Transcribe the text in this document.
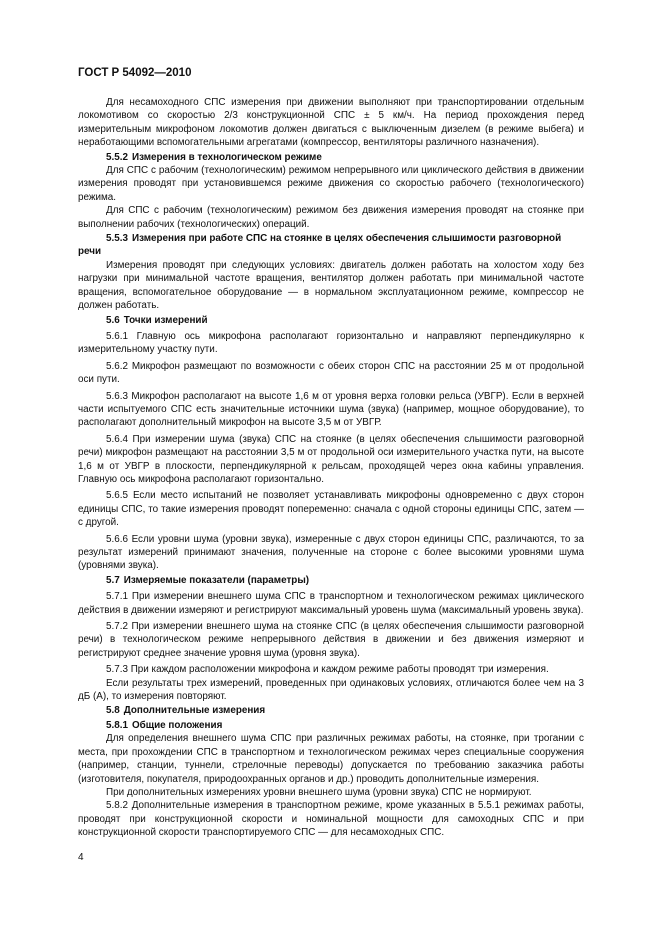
ГОСТ Р 54092—2010

Для несамоходного СПС измерения при движении выполняют при транспортировании отдельным локомотивом со скоростью 2/3 конструкционной СПС ± 5 км/ч. На период прохождения перед измерительным микрофоном локомотив должен двигаться с выключенным дизелем (в режиме выбега) и неработающими вспомогательными агрегатами (компрессор, вентиляторы различного назначения).

5.5.2 Измерения в технологическом режиме

Для СПС с рабочим (технологическим) режимом непрерывного или циклического действия в движении измерения проводят при установившемся режиме движения со скоростью рабочего (технологического) режима.

Для СПС с рабочим (технологическим) режимом без движения измерения проводят на стоянке при выполнении рабочих (технологических) операций.

5.5.3 Измерения при работе СПС на стоянке в целях обеспечения слышимости разговорной речи

Измерения проводят при следующих условиях: двигатель должен работать на холостом ходу без нагрузки при минимальной частоте вращения, вентилятор должен работать при минимальной частоте вращения, вспомогательное оборудование — в нормальном эксплуатационном режиме, компрессор не должен работать.

5.6 Точки измерений

5.6.1 Главную ось микрофона располагают горизонтально и направляют перпендикулярно к измерительному участку пути.

5.6.2 Микрофон размещают по возможности с обеих сторон СПС на расстоянии 25 м от продольной оси пути.

5.6.3 Микрофон располагают на высоте 1,6 м от уровня верха головки рельса (УВГР). Если в верхней части испытуемого СПС есть значительные источники шума (звука) (например, мощное оборудование), то располагают дополнительный микрофон на высоте 3,5 м от УВГР.

5.6.4 При измерении шума (звука) СПС на стоянке (в целях обеспечения слышимости разговорной речи) микрофон размещают на расстоянии 3,5 м от продольной оси измерительного участка пути, на высоте 1,6 м от УВГР в плоскости, перпендикулярной к рельсам, проходящей через окна кабины управления. Главную ось микрофона располагают горизонтально.

5.6.5 Если место испытаний не позволяет устанавливать микрофоны одновременно с двух сторон единицы СПС, то такие измерения проводят попеременно: сначала с одной стороны единицы СПС, затем — с другой.

5.6.6 Если уровни шума (уровни звука), измеренные с двух сторон единицы СПС, различаются, то за результат измерений принимают значения, полученные на стороне с более высокими уровнями шума (уровнями звука).

5.7 Измеряемые показатели (параметры)

5.7.1 При измерении внешнего шума СПС в транспортном и технологическом режимах циклического действия в движении измеряют и регистрируют максимальный уровень шума (максимальный уровень звука).

5.7.2 При измерении внешнего шума на стоянке СПС (в целях обеспечения слышимости разговорной речи) в технологическом режиме непрерывного действия в движении и без движения измеряют и регистрируют среднее значение уровня шума (уровня звука).

5.7.3 При каждом расположении микрофона и каждом режиме работы проводят три измерения.

Если результаты трех измерений, проведенных при одинаковых условиях, отличаются более чем на 3 дБ (А), то измерения повторяют.

5.8 Дополнительные измерения
5.8.1 Общие положения

Для определения внешнего шума СПС при различных режимах работы, на стоянке, при трогании с места, при прохождении СПС в транспортном и технологическом режимах через специальные сооружения (например, станции, туннели, стрелочные переводы) допускается по требованию заказчика работы (изготовителя, покупателя, природоохранных органов и др.) проводить дополнительные измерения.

При дополнительных измерениях уровни внешнего шума (уровни звука) СПС не нормируют.

5.8.2 Дополнительные измерения в транспортном режиме, кроме указанных в 5.5.1 режимах работы, проводят при конструкционной скорости и номинальной мощности для самоходных СПС и при конструкционной скорости транспортируемого СПС — для несамоходных СПС.

4
